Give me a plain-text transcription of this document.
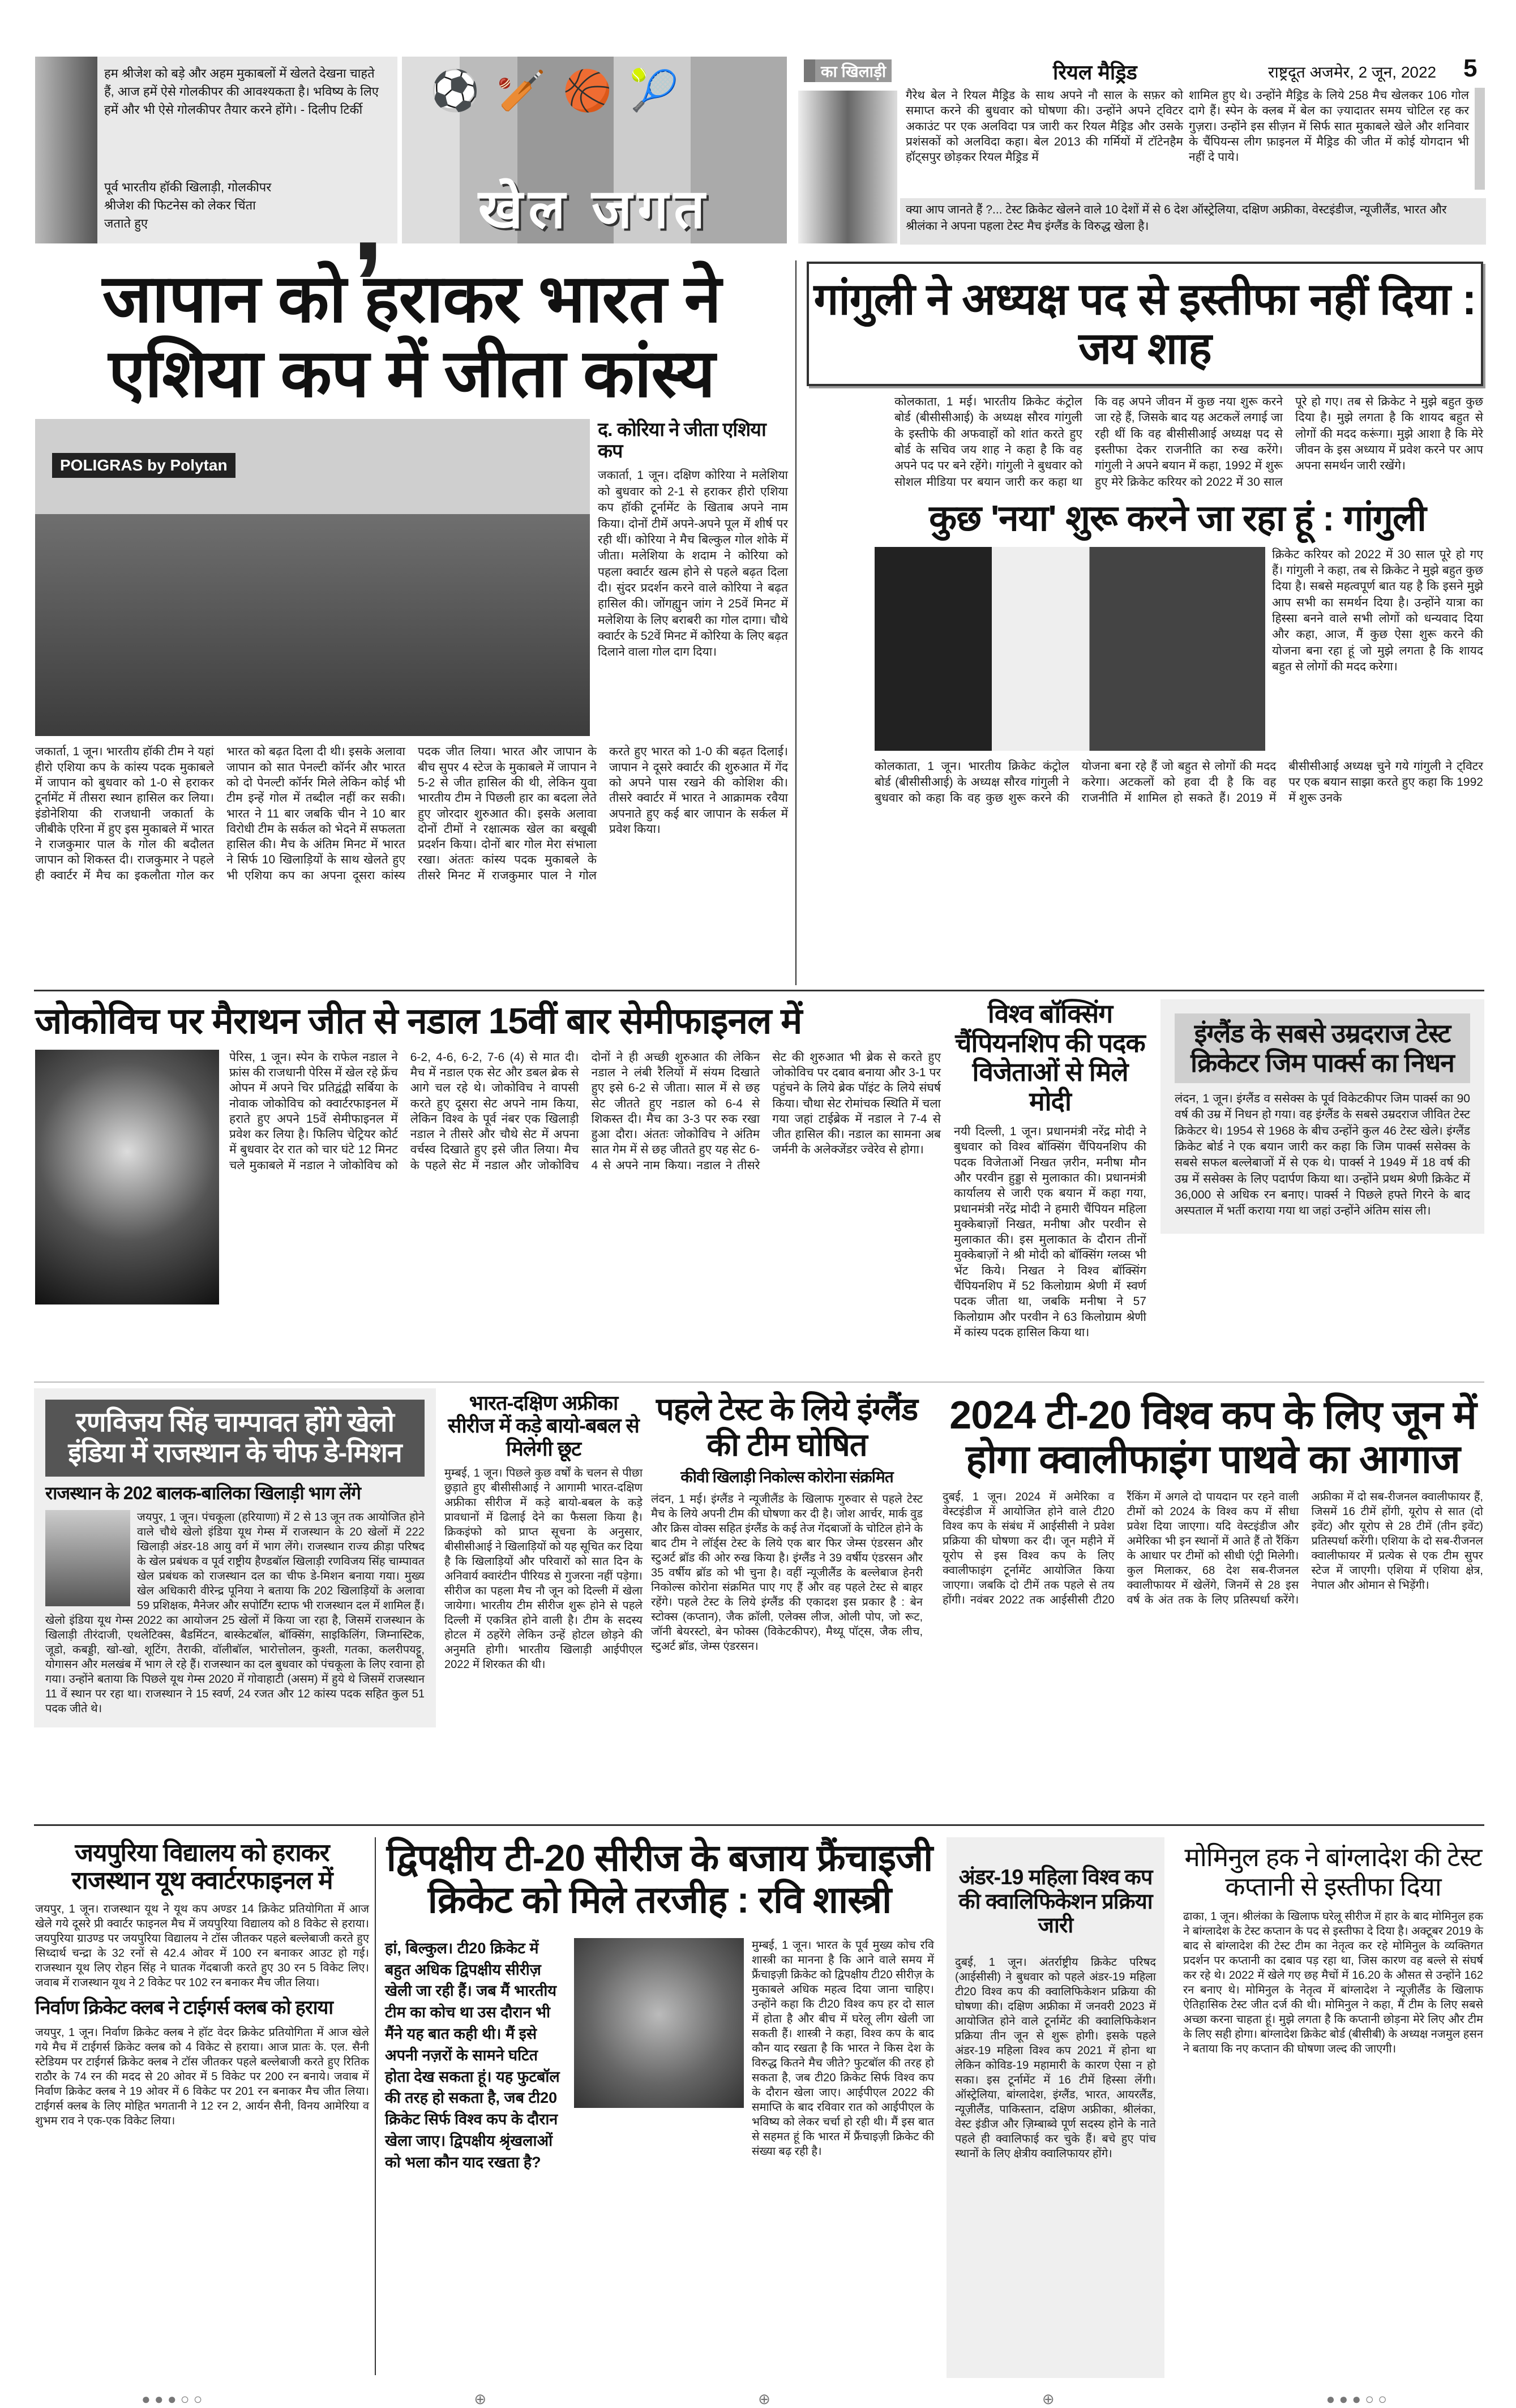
हम श्रीजेश को बड़े और अहम मुकाबलों में खेलते देखना चाहते हैं, आज हमें ऐसे गोलकीपर की आवश्यकता है। भविष्य के लिए हमें और भी ऐसे गोलकीपर तैयार करने होंगे। - दिलीप टिर्की
पूर्व भारतीय हॉकी खिलाड़ी, गोलकीपर श्रीजेश की फिटनेस को लेकर चिंता जताते हुए	,
⚽🏏🏀🎾
खेल जगत
का खिलाड़ी	रियल मैड्रिड	राष्ट्रदूत अजमेर, 2 जून, 2022 5
गैरेथ बेल ने रियल मैड्रिड के साथ अपने नौ साल के सफ़र को समाप्त करने की बुधवार को घोषणा की। उन्होंने अपने ट्विटर अकाउंट पर एक अलविदा पत्र जारी कर रियल मैड्रिड और उसके प्रशंसकों को अलविदा कहा। बेल 2013 की गर्मियों में टॉटेनहैम हॉट्सपुर छोड़कर रियल मैड्रिड में
शामिल हुए थे। उन्होंने मैड्रिड के लिये 258 मैच खेलकर 106 गोल दागे हैं। स्पेन के क्लब में बेल का ज़्यादातर समय चोटिल रह कर गुज़रा। उन्होंने इस सीज़न में सिर्फ सात मुकाबले खेले और शनिवार के चैंपियन्स लीग फ़ाइनल में मैड्रिड की जीत में कोई योगदान भी नहीं दे पाये।
क्या आप जानते हैं ?... टेस्ट क्रिकेट खेलने वाले 10 देशों में से 6 देश ऑस्ट्रेलिया, दक्षिण अफ्रीका, वेस्टइंडीज, न्यूजीलैंड, भारत और श्रीलंका ने अपना पहला टेस्ट मैच इंग्लैंड के विरुद्ध खेला है।
जापान को हराकर भारत ने एशिया कप में जीता कांस्य
POLIGRAS by Polytan
द. कोरिया ने जीता एशिया कप
जकार्ता, 1 जून। दक्षिण कोरिया ने मलेशिया को बुधवार को 2-1 से हराकर हीरो एशिया कप हॉकी टूर्नामेंट के खिताब अपने नाम किया। दोनों टीमें अपने-अपने पूल में शीर्ष पर रही थीं। कोरिया ने मैच बिल्कुल गोल शोके में जीता। मलेशिया के शदाम ने कोरिया को पहला क्वार्टर खत्म होने से पहले बढ़त दिला दी। सुंदर प्रदर्शन करने वाले कोरिया ने बढ़त हासिल की। जोंगह्युन जांग ने 25वें मिनट में मलेशिया के लिए बराबरी का गोल दागा। चौथे क्वार्टर के 52वें मिनट में कोरिया के लिए बढ़त दिलाने वाला गोल दाग दिया।
जकार्ता, 1 जून। भारतीय हॉकी टीम ने यहां हीरो एशिया कप के कांस्य पदक मुकाबले में जापान को बुधवार को 1-0 से हराकर टूर्नामेंट में तीसरा स्थान हासिल कर लिया। इंडोनेशिया की राजधानी जकार्ता के जीबीके एरिना में हुए इस मुकाबले में भारत ने राजकुमार पाल के गोल की बदौलत जापान को शिकस्त दी। राजकुमार ने पहले ही क्वार्टर में मैच का इकलौता गोल कर भारत को बढ़त दिला दी थी। इसके अलावा जापान को सात पेनल्टी कॉर्नर और भारत को दो पेनल्टी कॉर्नर मिले लेकिन कोई भी टीम इन्हें गोल में तब्दील नहीं कर सकी। भारत ने 11 बार जबकि चीन ने 10 बार विरोधी टीम के सर्कल को भेदने में सफलता हासिल की। मैच के अंतिम मिनट में भारत ने सिर्फ 10 खिलाड़ियों के साथ खेलते हुए भी एशिया कप का अपना दूसरा कांस्य पदक जीत लिया। भारत और जापान के बीच सुपर 4 स्टेज के मुकाबले में जापान ने 5-2 से जीत हासिल की थी, लेकिन युवा भारतीय टीम ने पिछली हार का बदला लेते हुए जोरदार शुरुआत की। इसके अलावा दोनों टीमों ने रक्षात्मक खेल का बखूबी प्रदर्शन किया। दोनों बार गोल मेरा संभाला रखा। अंततः कांस्य पदक मुकाबले के तीसरे मिनट में राजकुमार पाल ने गोल करते हुए भारत को 1-0 की बढ़त दिलाई। जापान ने दूसरे क्वार्टर की शुरुआत में गेंद को अपने पास रखने की कोशिश की। तीसरे क्वार्टर में भारत ने आक्रामक रवैया अपनाते हुए कई बार जापान के सर्कल में प्रवेश किया।
गांगुली ने अध्यक्ष पद से इस्तीफा नहीं दिया : जय शाह
कोलकाता, 1 मई। भारतीय क्रिकेट कंट्रोल बोर्ड (बीसीसीआई) के अध्यक्ष सौरव गांगुली के इस्तीफे की अफवाहों को शांत करते हुए बोर्ड के सचिव जय शाह ने कहा है कि वह अपने पद पर बने रहेंगे। गांगुली ने बुधवार को सोशल मीडिया पर बयान जारी कर कहा था कि वह अपने जीवन में कुछ नया शुरू करने जा रहे हैं, जिसके बाद यह अटकलें लगाई जा रही थीं कि वह बीसीसीआई अध्यक्ष पद से इस्तीफा देकर राजनीति का रुख करेंगे। गांगुली ने अपने बयान में कहा, 1992 में शुरू हुए मेरे क्रिकेट करियर को 2022 में 30 साल पूरे हो गए। तब से क्रिकेट ने मुझे बहुत कुछ दिया है। मुझे लगता है कि शायद बहुत से लोगों की मदद करूंगा। मुझे आशा है कि मेरे जीवन के इस अध्याय में प्रवेश करने पर आप अपना समर्थन जारी रखेंगे।
कुछ 'नया' शुरू करने जा रहा हूं : गांगुली
क्रिकेट करियर को 2022 में 30 साल पूरे हो गए हैं। गांगुली ने कहा, तब से क्रिकेट ने मुझे बहुत कुछ दिया है। सबसे महत्वपूर्ण बात यह है कि इसने मुझे आप सभी का समर्थन दिया है। उन्होंने यात्रा का हिस्सा बनने वाले सभी लोगों को धन्यवाद दिया और कहा, आज, मैं कुछ ऐसा शुरू करने की योजना बना रहा हूं जो मुझे लगता है कि शायद बहुत से लोगों की मदद करेगा।
कोलकाता, 1 जून। भारतीय क्रिकेट कंट्रोल बोर्ड (बीसीसीआई) के अध्यक्ष सौरव गांगुली ने बुधवार को कहा कि वह कुछ शुरू करने की योजना बना रहे हैं जो बहुत से लोगों की मदद करेगा। अटकलों को हवा दी है कि वह राजनीति में शामिल हो सकते हैं। 2019 में बीसीसीआई अध्यक्ष चुने गये गांगुली ने ट्विटर पर एक बयान साझा करते हुए कहा कि 1992 में शुरू उनके
जोकोविच पर मैराथन जीत से नडाल 15वीं बार सेमीफाइनल में
पेरिस, 1 जून। स्पेन के राफेल नडाल ने फ्रांस की राजधानी पेरिस में खेल रहे फ्रेंच ओपन में अपने चिर प्रतिद्वंद्वी सर्बिया के नोवाक जोकोविच को क्वार्टरफाइनल में हराते हुए अपने 15वें सेमीफाइनल में प्रवेश कर लिया है। फिलिप चेट्रियर कोर्ट में बुधवार देर रात को चार घंटे 12 मिनट चले मुकाबले में नडाल ने जोकोविच को 6-2, 4-6, 6-2, 7-6 (4) से मात दी। मैच में नडाल एक सेट और डबल ब्रेक से आगे चल रहे थे। जोकोविच ने वापसी करते हुए दूसरा सेट अपने नाम किया, लेकिन विश्व के पूर्व नंबर एक खिलाड़ी नडाल ने तीसरे और चौथे सेट में अपना वर्चस्व दिखाते हुए इसे जीत लिया। मैच के पहले सेट में नडाल और जोकोविच दोनों ने ही अच्छी शुरुआत की लेकिन नडाल ने लंबी रैलियों में संयम दिखाते हुए इसे 6-2 से जीता। साल में से छह सेट जीतते हुए नडाल को 6-4 से शिकस्त दी। मैच का 3-3 पर रुक रखा हुआ दौरा। अंततः जोकोविच ने अंतिम सात गेम में से छह जीतते हुए यह सेट 6-4 से अपने नाम किया। नडाल ने तीसरे सेट की शुरुआत भी ब्रेक से करते हुए जोकोविच पर दबाव बनाया और 3-1 पर पहुंचने के लिये ब्रेक पॉइंट के लिये संघर्ष किया। चौथा सेट रोमांचक स्थिति में चला गया जहां टाईब्रेक में नडाल ने 7-4 से जीत हासिल की। नडाल का सामना अब जर्मनी के अलेक्जेंडर ज्वेरेव से होगा।
विश्व बॉक्सिंग चैंपियनशिप की पदक विजेताओं से मिले मोदी
नयी दिल्ली, 1 जून। प्रधानमंत्री नरेंद्र मोदी ने बुधवार को विश्व बॉक्सिंग चैंपियनशिप की पदक विजेताओं निखत ज़रीन, मनीषा मौन और परवीन हुड्डा से मुलाकात की। प्रधानमंत्री कार्यालय से जारी एक बयान में कहा गया, प्रधानमंत्री नरेंद्र मोदी ने हमारी चैंपियन महिला मुक्केबाज़ों निखत, मनीषा और परवीन से मुलाकात की। इस मुलाकात के दौरान तीनों मुक्केबाज़ों ने श्री मोदी को बॉक्सिंग ग्लव्स भी भेंट किये। निखत ने विश्व बॉक्सिंग चैंपियनशिप में 52 किलोग्राम श्रेणी में स्वर्ण पदक जीता था, जबकि मनीषा ने 57 किलोग्राम और परवीन ने 63 किलोग्राम श्रेणी में कांस्य पदक हासिल किया था।
इंग्लैंड के सबसे उम्रदराज टेस्ट क्रिकेटर जिम पार्क्स का निधन
लंदन, 1 जून। इंग्लैंड व ससेक्स के पूर्व विकेटकीपर जिम पार्क्स का 90 वर्ष की उम्र में निधन हो गया। वह इंग्लैंड के सबसे उम्रदराज जीवित टेस्ट क्रिकेटर थे। 1954 से 1968 के बीच उन्होंने कुल 46 टेस्ट खेले। इंग्लैंड क्रिकेट बोर्ड ने एक बयान जारी कर कहा कि जिम पार्क्स ससेक्स के सबसे सफल बल्लेबाजों में से एक थे। पार्क्स ने 1949 में 18 वर्ष की उम्र में ससेक्स के लिए पदार्पण किया था। उन्होंने प्रथम श्रेणी क्रिकेट में 36,000 से अधिक रन बनाए। पार्क्स ने पिछले हफ्ते गिरने के बाद अस्पताल में भर्ती कराया गया था जहां उन्होंने अंतिम सांस ली।
रणविजय सिंह चाम्पावत होंगे खेलो इंडिया में राजस्थान के चीफ डे-मिशन
राजस्थान के 202 बालक-बालिका खिलाड़ी भाग लेंगे
जयपुर, 1 जून। पंचकूला (हरियाणा) में 2 से 13 जून तक आयोजित होने वाले चौथे खेलो इंडिया यूथ गेम्स में राजस्थान के 20 खेलों में 222 खिलाड़ी अंडर-18 आयु वर्ग में भाग लेंगे। राजस्थान राज्य क्रीड़ा परिषद के खेल प्रबंधक व पूर्व राष्ट्रीय हैण्डबॉल खिलाड़ी रणविजय सिंह चाम्पावत खेल प्रबंधक को राजस्थान दल का चीफ डे-मिशन बनाया गया। मुख्य खेल अधिकारी वीरेन्द्र पूनिया ने बताया कि 202 खिलाड़ियों के अलावा 59 प्रशिक्षक, मैनेजर और सपोर्टिंग स्टाफ भी राजस्थान दल में शामिल हैं। खेलो इंडिया यूथ गेम्स 2022 का आयोजन 25 खेलों में किया जा रहा है, जिसमें राजस्थान के खिलाड़ी तीरंदाजी, एथलेटिक्स, बैडमिंटन, बास्केटबॉल, बॉक्सिंग, साइकिलिंग, जिम्नास्टिक, जूडो, कबड्डी, खो-खो, शूटिंग, तैराकी, वॉलीबॉल, भारोत्तोलन, कुश्ती, गतका, कलरीपयट्टू, योगासन और मलखंब में भाग ले रहे हैं। राजस्थान का दल बुधवार को पंचकूला के लिए रवाना हो गया। उन्होंने बताया कि पिछले यूथ गेम्स 2020 में गोवाहाटी (असम) में हुये थे जिसमें राजस्थान 11 वें स्थान पर रहा था। राजस्थान ने 15 स्वर्ण, 24 रजत और 12 कांस्य पदक सहित कुल 51 पदक जीते थे।
भारत-दक्षिण अफ्रीका सीरीज में कड़े बायो-बबल से मिलेगी छूट
मुम्बई, 1 जून। पिछले कुछ वर्षों के चलन से पीछा छुड़ाते हुए बीसीसीआई ने आगामी भारत-दक्षिण अफ्रीका सीरीज में कड़े बायो-बबल के कड़े प्रावधानों में ढिलाई देने का फैसला किया है। क्रिकइंफो को प्राप्त सूचना के अनुसार, बीसीसीआई ने खिलाड़ियों को यह सूचित कर दिया है कि खिलाड़ियों और परिवारों को सात दिन के अनिवार्य क्वारंटीन पीरियड से गुजरना नहीं पड़ेगा। सीरीज का पहला मैच नौ जून को दिल्ली में खेला जायेगा। भारतीय टीम सीरीज शुरू होने से पहले दिल्ली में एकत्रित होने वाली है। टीम के सदस्य होटल में ठहरेंगे लेकिन उन्हें होटल छोड़ने की अनुमति होगी। भारतीय खिलाड़ी आईपीएल 2022 में शिरकत की थी।
पहले टेस्ट के लिये इंग्लैंड की टीम घोषित
कीवी खिलाड़ी निकोल्स कोरोना संक्रमित
लंदन, 1 मई। इंग्लैंड ने न्यूजीलैंड के खिलाफ गुरुवार से पहले टेस्ट मैच के लिये अपनी टीम की घोषणा कर दी है। जोश आर्चर, मार्क वुड और क्रिस वोक्स सहित इंग्लैंड के कई तेज गेंदबाजों के चोटिल होने के बाद टीम ने लॉर्ड्स टेस्ट के लिये एक बार फिर जेम्स एंडरसन और स्टुअर्ट ब्रॉड की ओर रुख किया है। इंग्लैंड ने 39 वर्षीय एंडरसन और 35 वर्षीय ब्रॉड को भी चुना है। वहीं न्यूजीलैंड के बल्लेबाज हेनरी निकोल्स कोरोना संक्रमित पाए गए हैं और वह पहले टेस्ट से बाहर रहेंगे। पहले टेस्ट के लिये इंग्लैंड की एकादश इस प्रकार है : बेन स्टोक्स (कप्तान), जैक क्रॉली, एलेक्स लीज, ओली पोप, जो रूट, जॉनी बेयरस्टो, बेन फोक्स (विकेटकीपर), मैथ्यू पॉट्स, जैक लीच, स्टुअर्ट ब्रॉड, जेम्स एंडरसन।
2024 टी-20 विश्व कप के लिए जून में होगा क्वालीफाइंग पाथवे का आगाज
दुबई, 1 जून। 2024 में अमेरिका व वेस्टइंडीज में आयोजित होने वाले टी20 विश्व कप के संबंध में आईसीसी ने प्रवेश प्रक्रिया की घोषणा कर दी। जून महीने में यूरोप से इस विश्व कप के लिए क्वालीफाइंग टूर्नामेंट आयोजित किया जाएगा। जबकि दो टीमें तक पहले से तय होंगी। नवंबर 2022 तक आईसीसी टी20 रैंकिंग में अगले दो पायदान पर रहने वाली टीमों को 2024 के विश्व कप में सीधा प्रवेश दिया जाएगा। यदि वेस्टइंडीज और अमेरिका भी इन स्थानों में आते हैं तो रैंकिंग के आधार पर टीमों को सीधी एंट्री मिलेगी। कुल मिलाकर, 68 देश सब-रीजनल क्वालीफायर में खेलेंगे, जिनमें से 28 इस वर्ष के अंत तक के लिए प्रतिस्पर्धा करेंगे। अफ्रीका में दो सब-रीजनल क्वालीफायर हैं, जिसमें 16 टीमें होंगी, यूरोप से सात (दो इवेंट) और यूरोप से 28 टीमें (तीन इवेंट) प्रतिस्पर्धा करेंगी। एशिया के दो सब-रीजनल क्वालीफायर में प्रत्येक से एक टीम सुपर स्टेज में जाएगी। एशिया में एशिया क्षेत्र, नेपाल और ओमान से भिड़ेंगी।
जयपुरिया विद्यालय को हराकर राजस्थान यूथ क्वार्टरफाइनल में
जयपुर, 1 जून। राजस्थान यूथ ने यूथ कप अण्डर 14 क्रिकेट प्रतियोगिता में आज खेले गये दूसरे प्री क्वार्टर फाइनल मैच में जयपुरिया विद्यालय को 8 विकेट से हराया। जयपुरिया ग्राउण्ड पर जयपुरिया विद्यालय ने टॉस जीतकर पहले बल्लेबाजी करते हुए सिध्दार्थ चन्द्रा के 32 रनों से 42.4 ओवर में 100 रन बनाकर आउट हो गई। राजस्थान यूथ लिए रोहन सिंह ने घातक गेंदबाजी करते हुए 30 रन 5 विकेट लिए। जवाब में राजस्थान यूथ ने 2 विकेट पर 102 रन बनाकर मैच जीत लिया।
निर्वाण क्रिकेट क्लब ने टाईगर्स क्लब को हराया
जयपुर, 1 जून। निर्वाण क्रिकेट क्लब ने हॉट वेदर क्रिकेट प्रतियोगिता में आज खेले गये मैच में टाईगर्स क्रिकेट क्लब को 4 विकेट से हराया। आज प्रातः के. एल. सैनी स्टेडियम पर टाईगर्स क्रिकेट क्लब ने टॉस जीतकर पहले बल्लेबाजी करते हुए रितिक राठौर के 74 रन की मदद से 20 ओवर में 5 विकेट पर 200 रन बनाये। जवाब में निर्वाण क्रिकेट क्लब ने 19 ओवर में 6 विकेट पर 201 रन बनाकर मैच जीत लिया। टाईगर्स क्लब के लिए मोहित भगतानी ने 12 रन 2, आर्यन सैनी, विनय आमेरिया व शुभम राव ने एक-एक विकेट लिया।
द्विपक्षीय टी-20 सीरीज के बजाय फ्रैंचाइजी क्रिकेट को मिले तरजीह : रवि शास्त्री
हां, बिल्कुल। टी20 क्रिकेट में बहुत अधिक द्विपक्षीय सीरीज़ खेली जा रही हैं। जब मैं भारतीय टीम का कोच था उस दौरान भी मैंने यह बात कही थी। मैं इसे अपनी नज़रों के सामने घटित होता देख सकता हूं। यह फुटबॉल की तरह हो सकता है, जब टी20 क्रिकेट सिर्फ विश्व कप के दौरान खेला जाए। द्विपक्षीय श्रृंखलाओं को भला कौन याद रखता है?
मुम्बई, 1 जून। भारत के पूर्व मुख्य कोच रवि शास्त्री का मानना है कि आने वाले समय में फ्रैंचाइज़ी क्रिकेट को द्विपक्षीय टी20 सीरीज़ के मुकाबले अधिक महत्व दिया जाना चाहिए। उन्होंने कहा कि टी20 विश्व कप हर दो साल में होता है और बीच में घरेलू लीग खेली जा सकती हैं। शास्त्री ने कहा, विश्व कप के बाद कौन याद रखता है कि भारत ने किस देश के विरुद्ध कितने मैच जीते? फुटबॉल की तरह हो सकता है, जब टी20 क्रिकेट सिर्फ विश्व कप के दौरान खेला जाए। आईपीएल 2022 की समाप्ति के बाद रविवार रात को आईपीएल के भविष्य को लेकर चर्चा हो रही थी। मैं इस बात से सहमत हूं कि भारत में फ्रैंचाइज़ी क्रिकेट की संख्या बढ़ रही है।
अंडर-19 महिला विश्व कप की क्वालिफिकेशन प्रक्रिया जारी
दुबई, 1 जून। अंतर्राष्ट्रीय क्रिकेट परिषद (आईसीसी) ने बुधवार को पहले अंडर-19 महिला टी20 विश्व कप की क्वालिफिकेशन प्रक्रिया की घोषणा की। दक्षिण अफ्रीका में जनवरी 2023 में आयोजित होने वाले टूर्नामेंट की क्वालिफिकेशन प्रक्रिया तीन जून से शुरू होगी। इसके पहले अंडर-19 महिला विश्व कप 2021 में होना था लेकिन कोविड-19 महामारी के कारण ऐसा न हो सका। इस टूर्नामेंट में 16 टीमें हिस्सा लेंगी। ऑस्ट्रेलिया, बांग्लादेश, इंग्लैंड, भारत, आयरलैंड, न्यूज़ीलैंड, पाकिस्तान, दक्षिण अफ्रीका, श्रीलंका, वेस्ट इंडीज और ज़िम्बाब्वे पूर्ण सदस्य होने के नाते पहले ही क्वालिफाई कर चुके हैं। बचे हुए पांच स्थानों के लिए क्षेत्रीय क्वालिफायर होंगे।
मोमिनुल हक ने बांग्लादेश की टेस्ट कप्तानी से इस्तीफा दिया
ढाका, 1 जून। श्रीलंका के खिलाफ घरेलू सीरीज में हार के बाद मोमिनुल हक ने बांग्लादेश के टेस्ट कप्तान के पद से इस्तीफा दे दिया है। अक्टूबर 2019 के बाद से बांग्लादेश की टेस्ट टीम का नेतृत्व कर रहे मोमिनुल के व्यक्तिगत प्रदर्शन पर कप्तानी का दबाव पड़ रहा था, जिस कारण वह बल्ले से संघर्ष कर रहे थे। 2022 में खेले गए छह मैचों में 16.20 के औसत से उन्होंने 162 रन बनाए थे। मोमिनुल के नेतृत्व में बांग्लादेश ने न्यूज़ीलैंड के खिलाफ ऐतिहासिक टेस्ट जीत दर्ज की थी। मोमिनुल ने कहा, मैं टीम के लिए सबसे अच्छा करना चाहता हूं। मुझे लगता है कि कप्तानी छोड़ना मेरे लिए और टीम के लिए सही होगा। बांग्लादेश क्रिकेट बोर्ड (बीसीबी) के अध्यक्ष नजमुल हसन ने बताया कि नए कप्तान की घोषणा जल्द की जाएगी।
● ● ● ○ ○	⊕	⊕	⊕	● ● ● ○ ○
